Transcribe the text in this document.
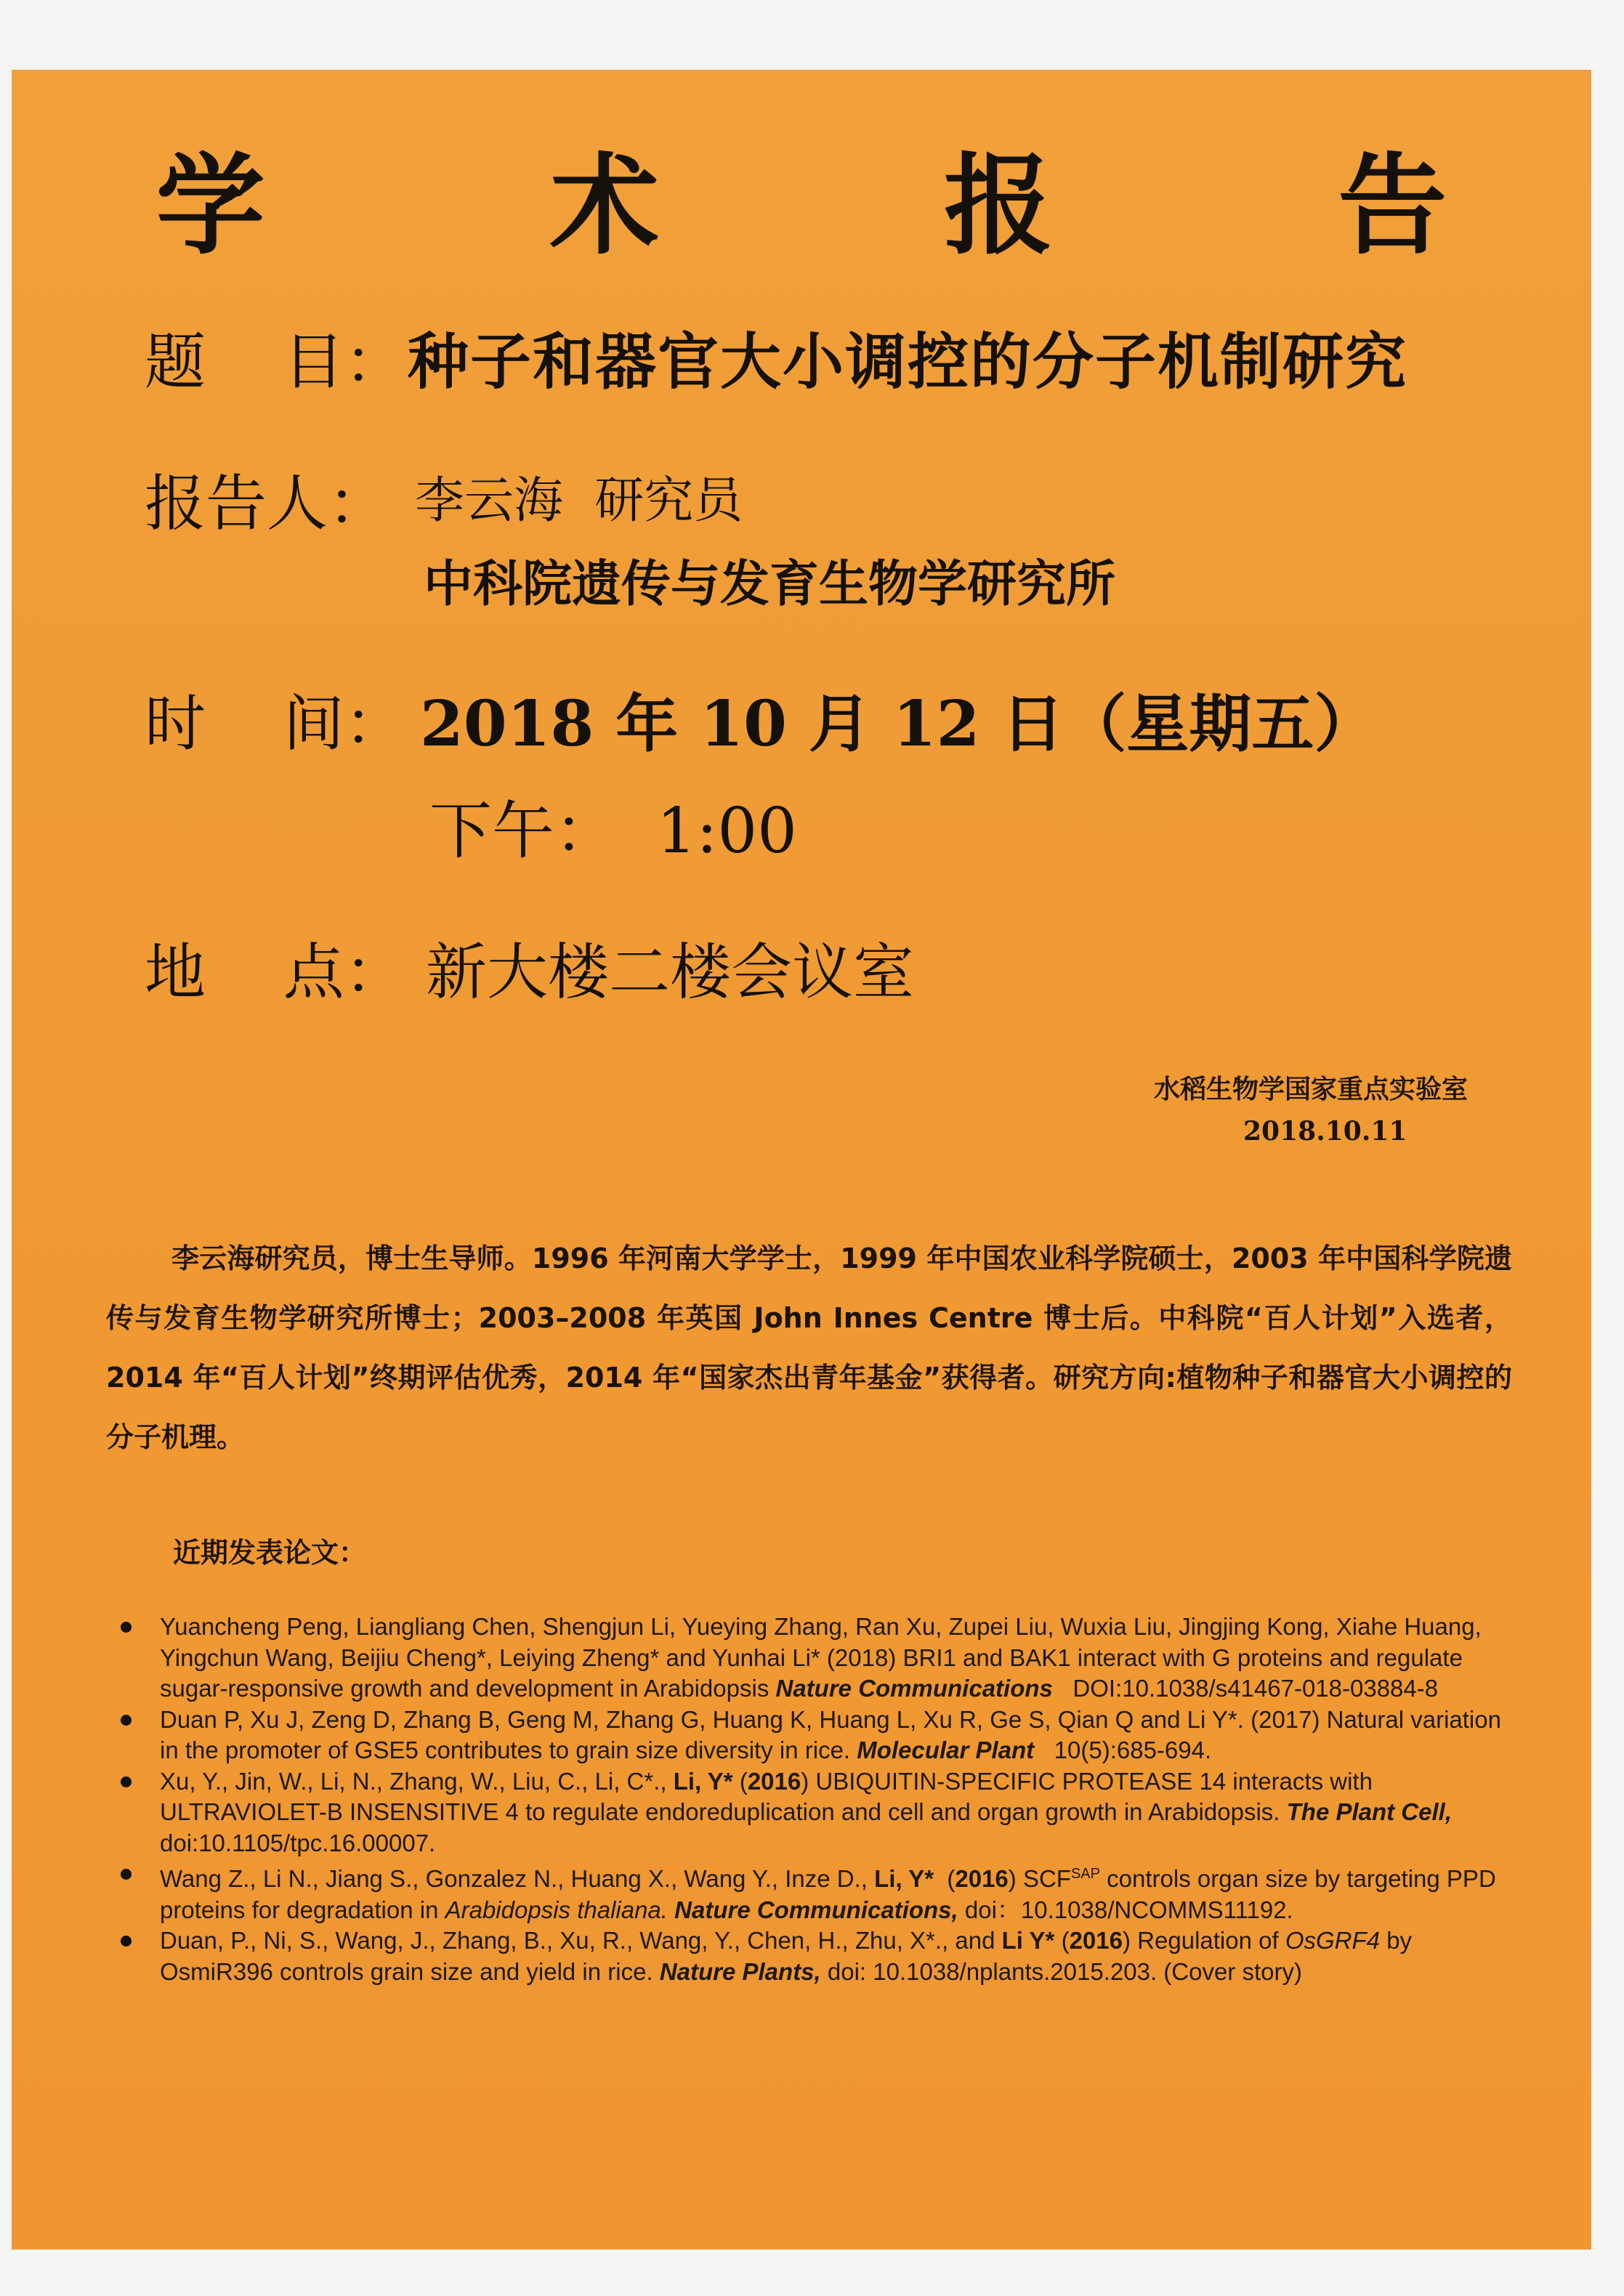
学 术 报 告
题    目： 种子和器官大小调控的分子机制研究
报告人： 李云海  研究员
中科院遗传与发育生物学研究所
时    间： 2018 年 10 月 12 日（星期五）
下午：  1:00
地    点： 新大楼二楼会议室
水稻生物学国家重点实验室
2018.10.11
李云海研究员，博士生导师。1996 年河南大学学士，1999 年中国农业科学院硕士，2003 年中国科学院遗传与发育生物学研究所博士；2003–2008 年英国 John Innes Centre 博士后。中科院“百人计划”入选者，2014 年“百人计划”终期评估优秀，2014 年“国家杰出青年基金”获得者。研究方向:植物种子和器官大小调控的分子机理。
近期发表论文：
Yuancheng Peng, Liangliang Chen, Shengjun Li, Yueying Zhang, Ran Xu, Zupei Liu, Wuxia Liu, Jingjing Kong, Xiahe Huang, Yingchun Wang, Beijiu Cheng*, Leiying Zheng* and Yunhai Li* (2018) BRI1 and BAK1 interact with G proteins and regulate sugar-responsive growth and development in Arabidopsis Nature Communications DOI:10.1038/s41467-018-03884-8
Duan P, Xu J, Zeng D, Zhang B, Geng M, Zhang G, Huang K, Huang L, Xu R, Ge S, Qian Q and Li Y*. (2017) Natural variation in the promoter of GSE5 contributes to grain size diversity in rice. Molecular Plant 10(5):685-694.
Xu, Y., Jin, W., Li, N., Zhang, W., Liu, C., Li, C*., Li, Y* (2016) UBIQUITIN-SPECIFIC PROTEASE 14 interacts with ULTRAVIOLET-B INSENSITIVE 4 to regulate endoreduplication and cell and organ growth in Arabidopsis. The Plant Cell, doi:10.1105/tpc.16.00007.
Wang Z., Li N., Jiang S., Gonzalez N., Huang X., Wang Y., Inze D., Li, Y*  (2016) $SCF^{SAP}$ controls organ size by targeting PPD proteins for degradation in Arabidopsis thaliana. Nature Communications, doi：10.1038/NCOMMS11192.
Duan, P., Ni, S., Wang, J., Zhang, B., Xu, R., Wang, Y., Chen, H., Zhu, X*., and Li Y* (2016) Regulation of OsGRF4 by OsmiR396 controls grain size and yield in rice. Nature Plants, doi: 10.1038/nplants.2015.203. (Cover story)
